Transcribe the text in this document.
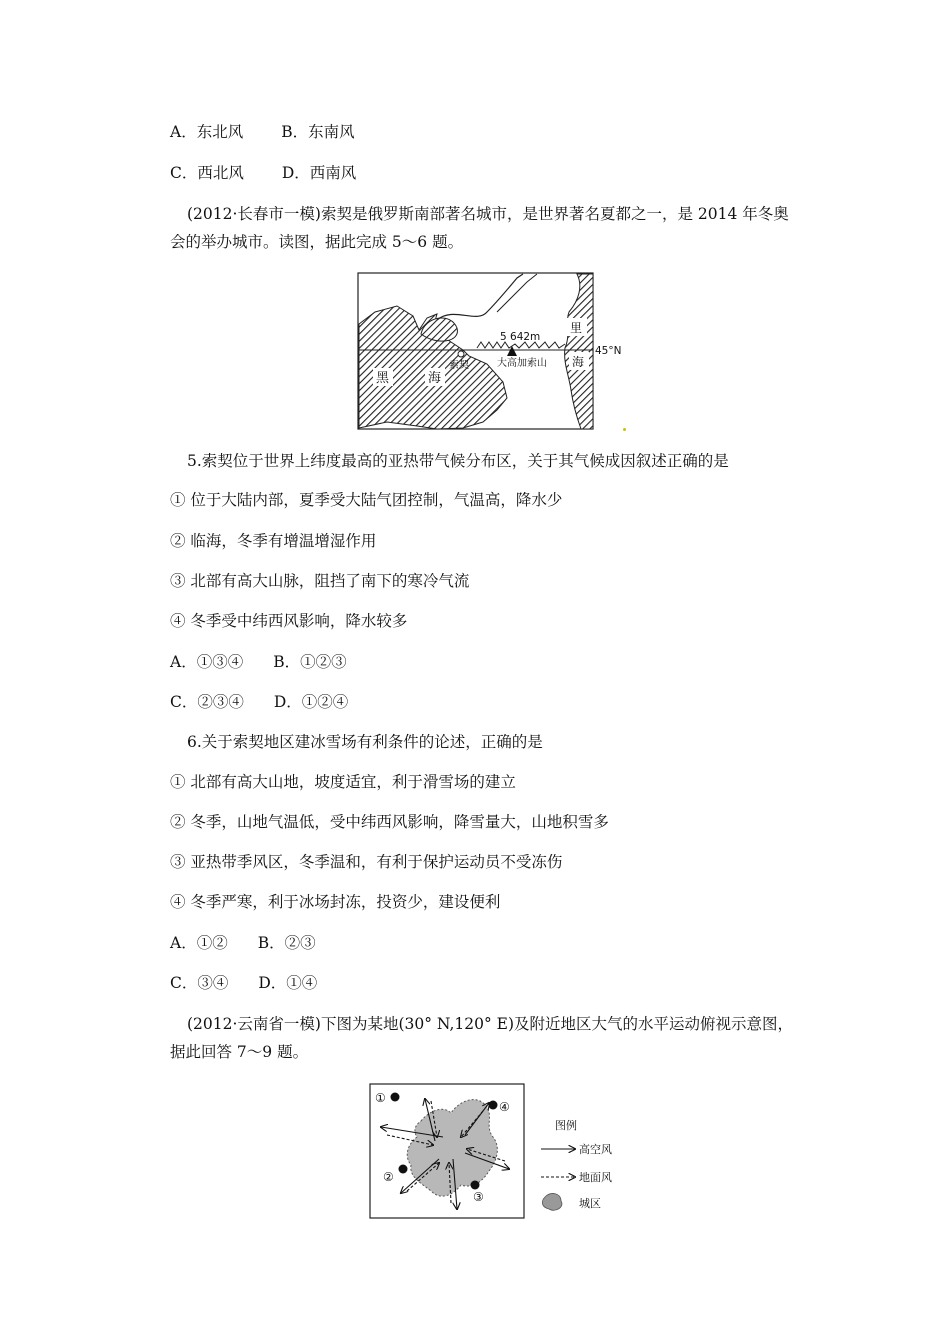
A．东北风 B．东南风
C．西北风 D．西南风
(2012·长春市一模)索契是俄罗斯南部著名城市，是世界著名夏都之一，是 2014 年冬奥
会的举办城市。读图，据此完成 5～6 题。
5 642m
大高加索山
索契
黑	海
里
海
45°N
5.索契位于世界上纬度最高的亚热带气候分布区，关于其气候成因叙述正确的是
① 位于大陆内部，夏季受大陆气团控制，气温高，降水少
② 临海，冬季有增温增湿作用
③ 北部有高大山脉，阻挡了南下的寒冷气流
④ 冬季受中纬西风影响，降水较多
A．①③④ B．①②③
C．②③④ D．①②④
6.关于索契地区建冰雪场有利条件的论述，正确的是
① 北部有高大山地，坡度适宜，利于滑雪场的建立
② 冬季，山地气温低，受中纬西风影响，降雪量大，山地积雪多
③ 亚热带季风区，冬季温和，有利于保护运动员不受冻伤
④ 冬季严寒，利于冰场封冻，投资少，建设便利
A．①② B．②③
C．③④ D．①④
(2012·云南省一模)下图为某地(30° N,120° E)及附近地区大气的水平运动俯视示意图，
据此回答 7～9 题。
①
④
②
③
图例
高空风
地面风
城区
